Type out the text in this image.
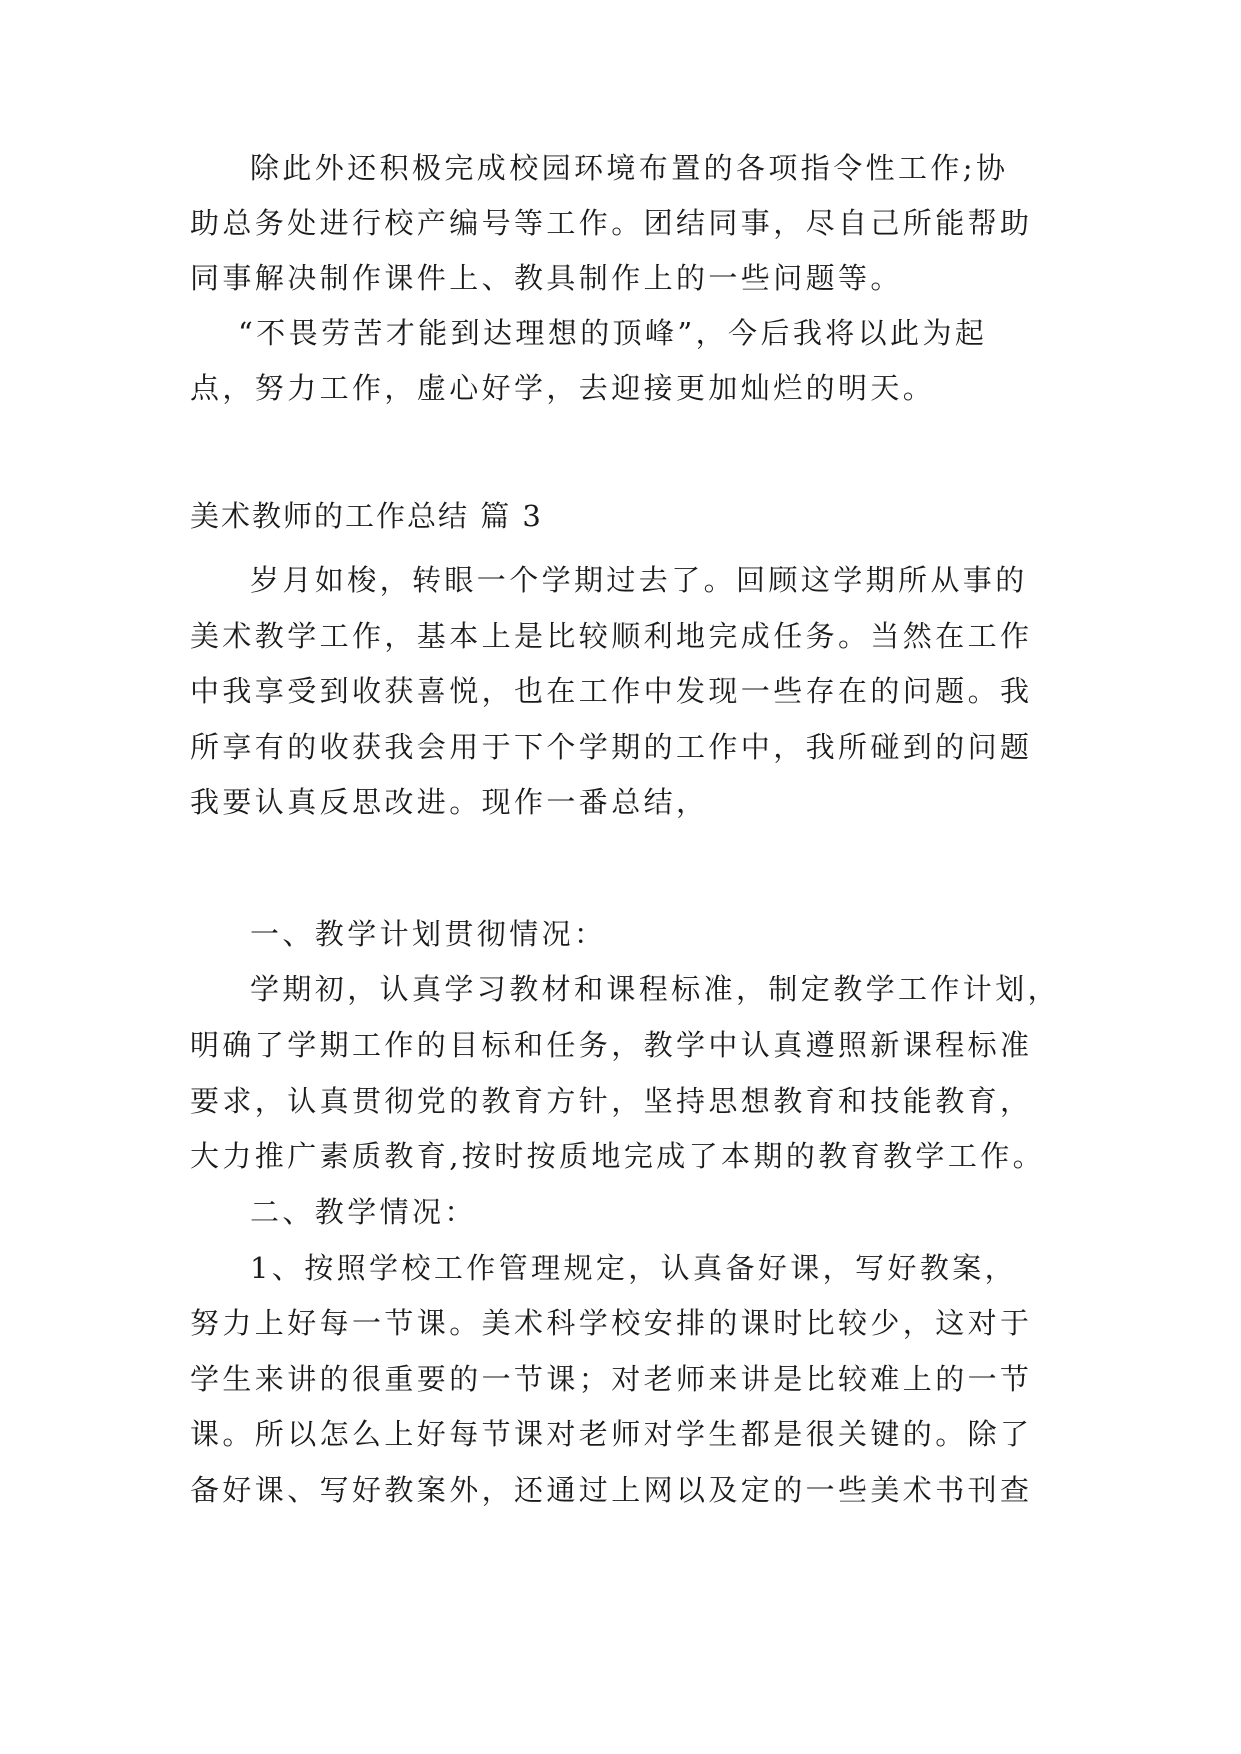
除此外还积极完成校园环境布置的各项指令性工作;协
助总务处进行校产编号等工作。团结同事，尽自己所能帮助
同事解决制作课件上、教具制作上的一些问题等。
“不畏劳苦才能到达理想的顶峰”，今后我将以此为起
点，努力工作，虚心好学，去迎接更加灿烂的明天。
美术教师的工作总结 篇 3
岁月如梭，转眼一个学期过去了。回顾这学期所从事的
美术教学工作，基本上是比较顺利地完成任务。当然在工作
中我享受到收获喜悦，也在工作中发现一些存在的问题。我
所享有的收获我会用于下个学期的工作中，我所碰到的问题
我要认真反思改进。现作一番总结，
一、教学计划贯彻情况：
学期初，认真学习教材和课程标准，制定教学工作计划，
明确了学期工作的目标和任务，教学中认真遵照新课程标准
要求，认真贯彻党的教育方针，坚持思想教育和技能教育，
大力推广素质教育,按时按质地完成了本期的教育教学工作。
二、教学情况：
1、按照学校工作管理规定，认真备好课，写好教案，
努力上好每一节课。美术科学校安排的课时比较少，这对于
学生来讲的很重要的一节课；对老师来讲是比较难上的一节
课。所以怎么上好每节课对老师对学生都是很关键的。除了
备好课、写好教案外，还通过上网以及定的一些美术书刊查
